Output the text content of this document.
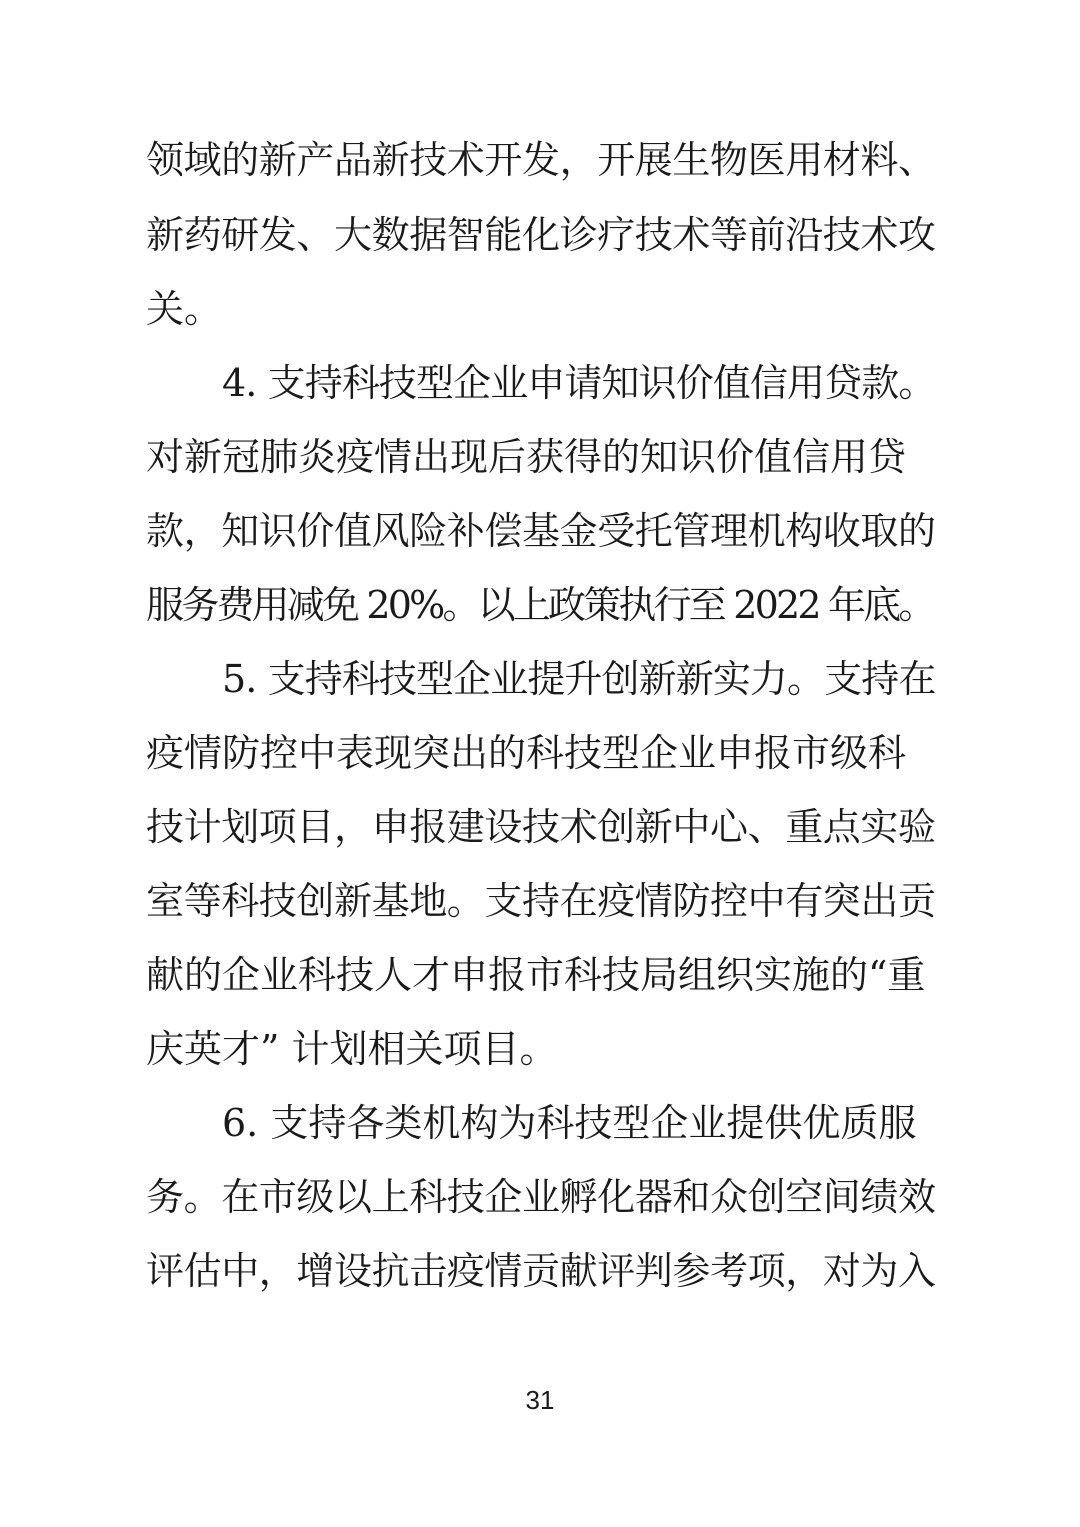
领域的新产品新技术开发，开展生物医用材料、
新药研发、大数据智能化诊疗技术等前沿技术攻
关。
4. 支持科技型企业申请知识价值信用贷款。
对新冠肺炎疫情出现后获得的知识价值信用贷
款，知识价值风险补偿基金受托管理机构收取的
服务费用减免 20%。以上政策执行至 2022 年底。
5. 支持科技型企业提升创新新实力。支持在
疫情防控中表现突出的科技型企业申报市级科
技计划项目，申报建设技术创新中心、重点实验
室等科技创新基地。支持在疫情防控中有突出贡
献的企业科技人才申报市科技局组织实施的“重
庆英才” 计划相关项目。
6. 支持各类机构为科技型企业提供优质服
务。在市级以上科技企业孵化器和众创空间绩效
评估中，增设抗击疫情贡献评判参考项，对为入
31
